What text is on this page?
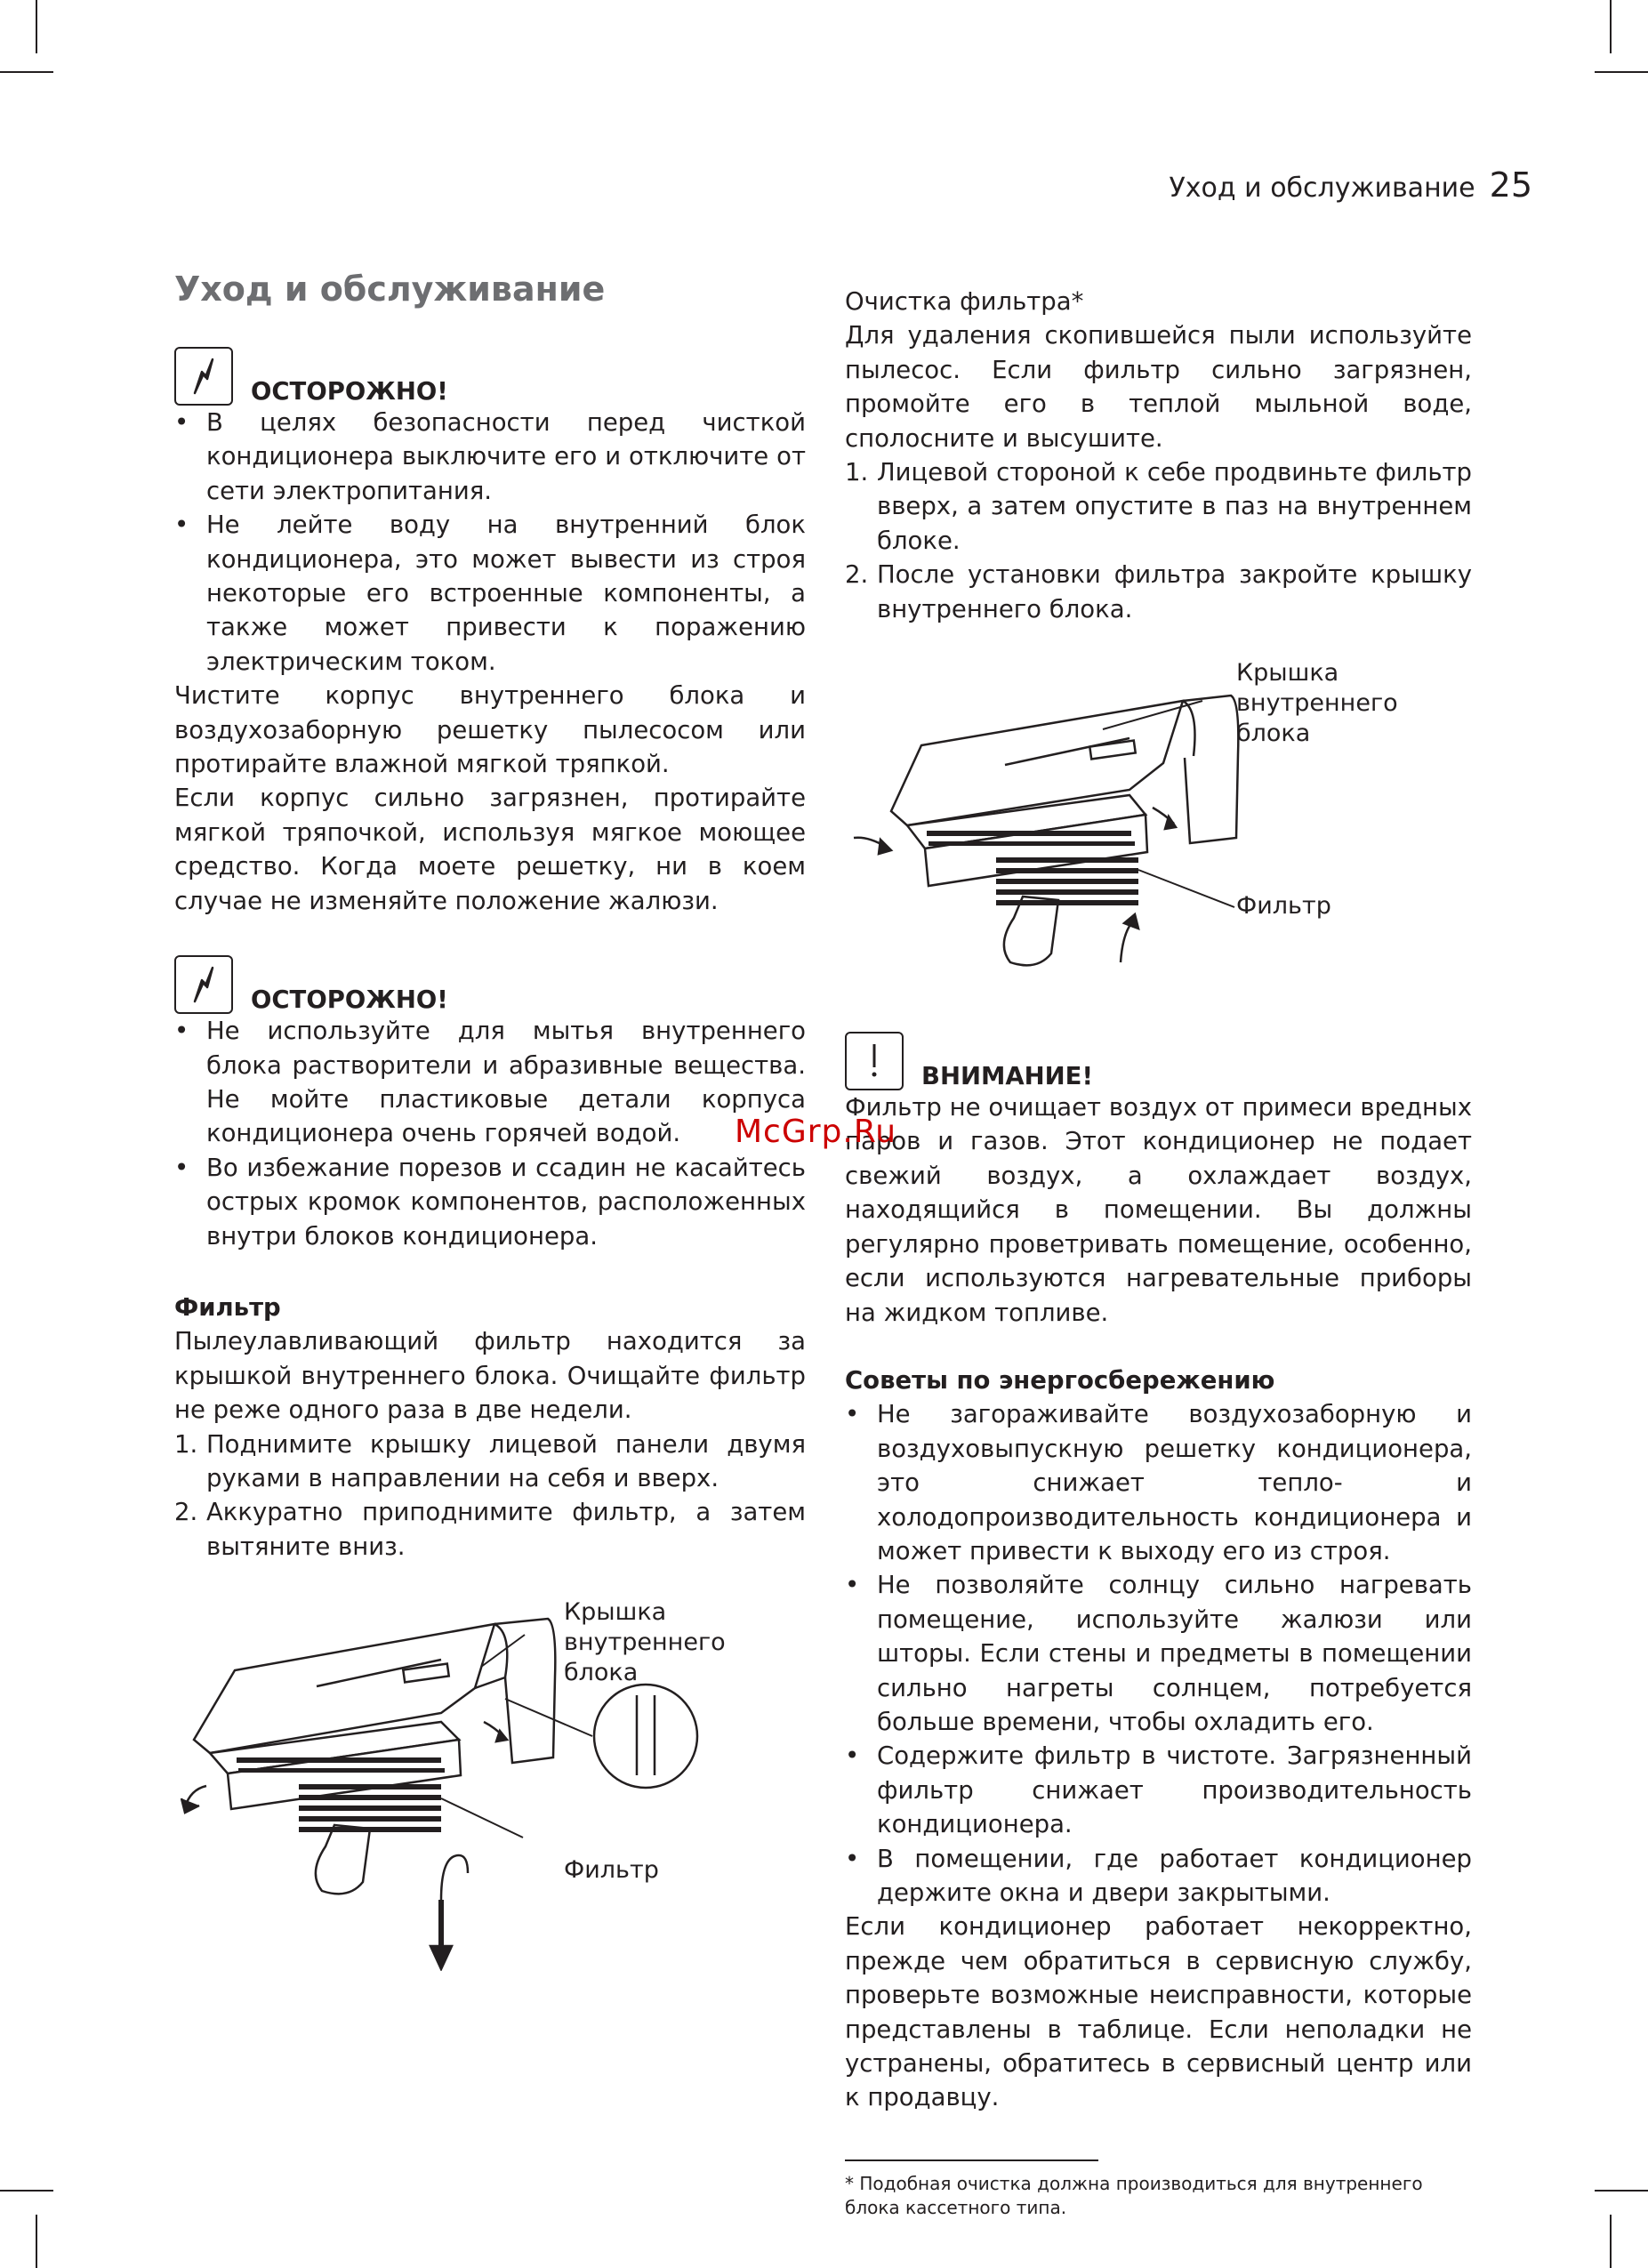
Уход и обслуживание 25
Уход и обслуживание
ОСТОРОЖНО!
• В целях безопасности перед чисткой кондиционера выключите его и отключите от сети электропитания.
• Не лейте воду на внутренний блок кондиционера, это может вывести из строя некоторые его встроенные компоненты, а также может привести к поражению электрическим током.

Чистите корпус внутреннего блока и воздухозаборную решетку пылесосом или протирайте влажной мягкой тряпкой.

Если корпус сильно загрязнен, протирайте мягкой тряпочкой, используя мягкое моющее средство. Когда моете решетку, ни в коем случае не изменяйте положение жалюзи.

ОСТОРОЖНО!
• Не используйте для мытья внутреннего блока растворители и абразивные вещества. Не мойте пластиковые детали корпуса кондиционера очень горячей водой.
• Во избежание порезов и ссадин не касайтесь острых кромок компонентов, расположенных внутри блоков кондиционера.

Фильтр

Пылеулавливающий фильтр находится за крышкой внутреннего блока. Очищайте фильтр не реже одного раза в две недели.

1. Поднимите крышку лицевой панели двумя руками в направлении на себя и вверх.
2. Аккуратно приподнимите фильтр, а затем вытяните вниз.
Крышка внутреннего блока
Фильтр

Очистка фильтра*

Для удаления скопившейся пыли используйте пылесос. Если фильтр сильно загрязнен, промойте его в теплой мыльной воде, сполосните и высушите.

1. Лицевой стороной к себе продвиньте фильтр вверх, а затем опустите в паз на внутреннем блоке.
2. После установки фильтра закройте крышку внутреннего блока.
Крышка внутреннего блока
Фильтр
ВНИМАНИЕ!

Фильтр не очищает воздух от примеси вредных паров и газов. Этот кондиционер не подает свежий воздух, а охлаждает воздух, находящийся в помещении. Вы должны регулярно проветривать помещение, особенно, если используются нагревательные приборы на жидком топливе.

Советы по энергосбережению

• Не загораживайте воздухозаборную и воздуховыпускную решетку кондиционера, это снижает тепло- и холодопроизводительность кондиционера и может привести к выходу его из строя.
• Не позволяйте солнцу сильно нагревать помещение, используйте жалюзи или шторы. Если стены и предметы в помещении сильно нагреты солнцем, потребуется больше времени, чтобы охладить его.
• Содержите фильтр в чистоте. Загрязненный фильтр снижает производительность кондиционера.
• В помещении, где работает кондиционер держите окна и двери закрытыми.

Если кондиционер работает некорректно, прежде чем обратиться в сервисную службу, проверьте возможные неисправности, которые представлены в таблице. Если неполадки не устранены, обратитесь в сервисный центр или к продавцу.

* Подобная очистка должна производиться для внутреннего блока кассетного типа.
McGrp.Ru
